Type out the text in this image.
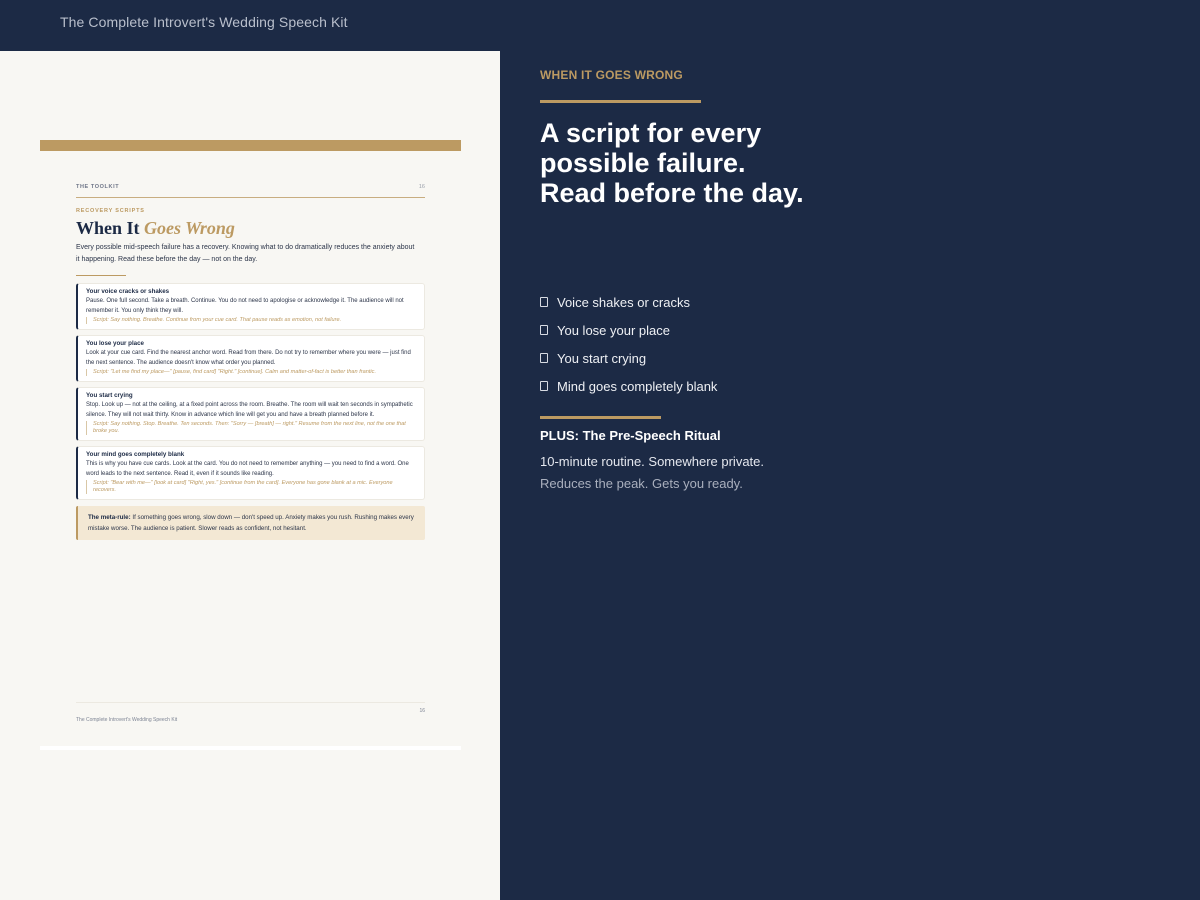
The Complete Introvert's Wedding Speech Kit
THE TOOLKIT	16
RECOVERY SCRIPTS
When It Goes Wrong
Every possible mid-speech failure has a recovery. Knowing what to do dramatically reduces the anxiety about it happening. Read these before the day — not on the day.
Your voice cracks or shakes
Pause. One full second. Take a breath. Continue. You do not need to apologise or acknowledge it. The audience will not remember it. You only think they will.
Script: Say nothing. Breathe. Continue from your cue card. That pause reads as emotion, not failure.
You lose your place
Look at your cue card. Find the nearest anchor word. Read from there. Do not try to remember where you were — just find the next sentence. The audience doesn't know what order you planned.
Script: "Let me find my place—" [pause, find card] "Right." [continue]. Calm and matter-of-fact is better than frantic.
You start crying
Stop. Look up — not at the ceiling, at a fixed point across the room. Breathe. The room will wait ten seconds in sympathetic silence. They will not wait thirty. Know in advance which line will get you and have a breath planned before it.
Script: Say nothing. Stop. Breathe. Ten seconds. Then: "Sorry — [breath] — right." Resume from the next line, not the one that broke you.
Your mind goes completely blank
This is why you have cue cards. Look at the card. You do not need to remember anything — you need to find a word. One word leads to the next sentence. Read it, even if it sounds like reading.
Script: "Bear with me—" [look at card] "Right, yes." [continue from the card]. Everyone has gone blank at a mic. Everyone recovers.
The meta-rule: If something goes wrong, slow down — don't speed up. Anxiety makes you rush. Rushing makes every mistake worse. The audience is patient. Slower reads as confident, not hesitant.
The Complete Introvert's Wedding Speech Kit
16
WHEN IT GOES WRONG
A script for every
possible failure.
Read before the day.
Voice shakes or cracks
You lose your place
You start crying
Mind goes completely blank
PLUS: The Pre-Speech Ritual
10-minute routine. Somewhere private.
Reduces the peak. Gets you ready.
